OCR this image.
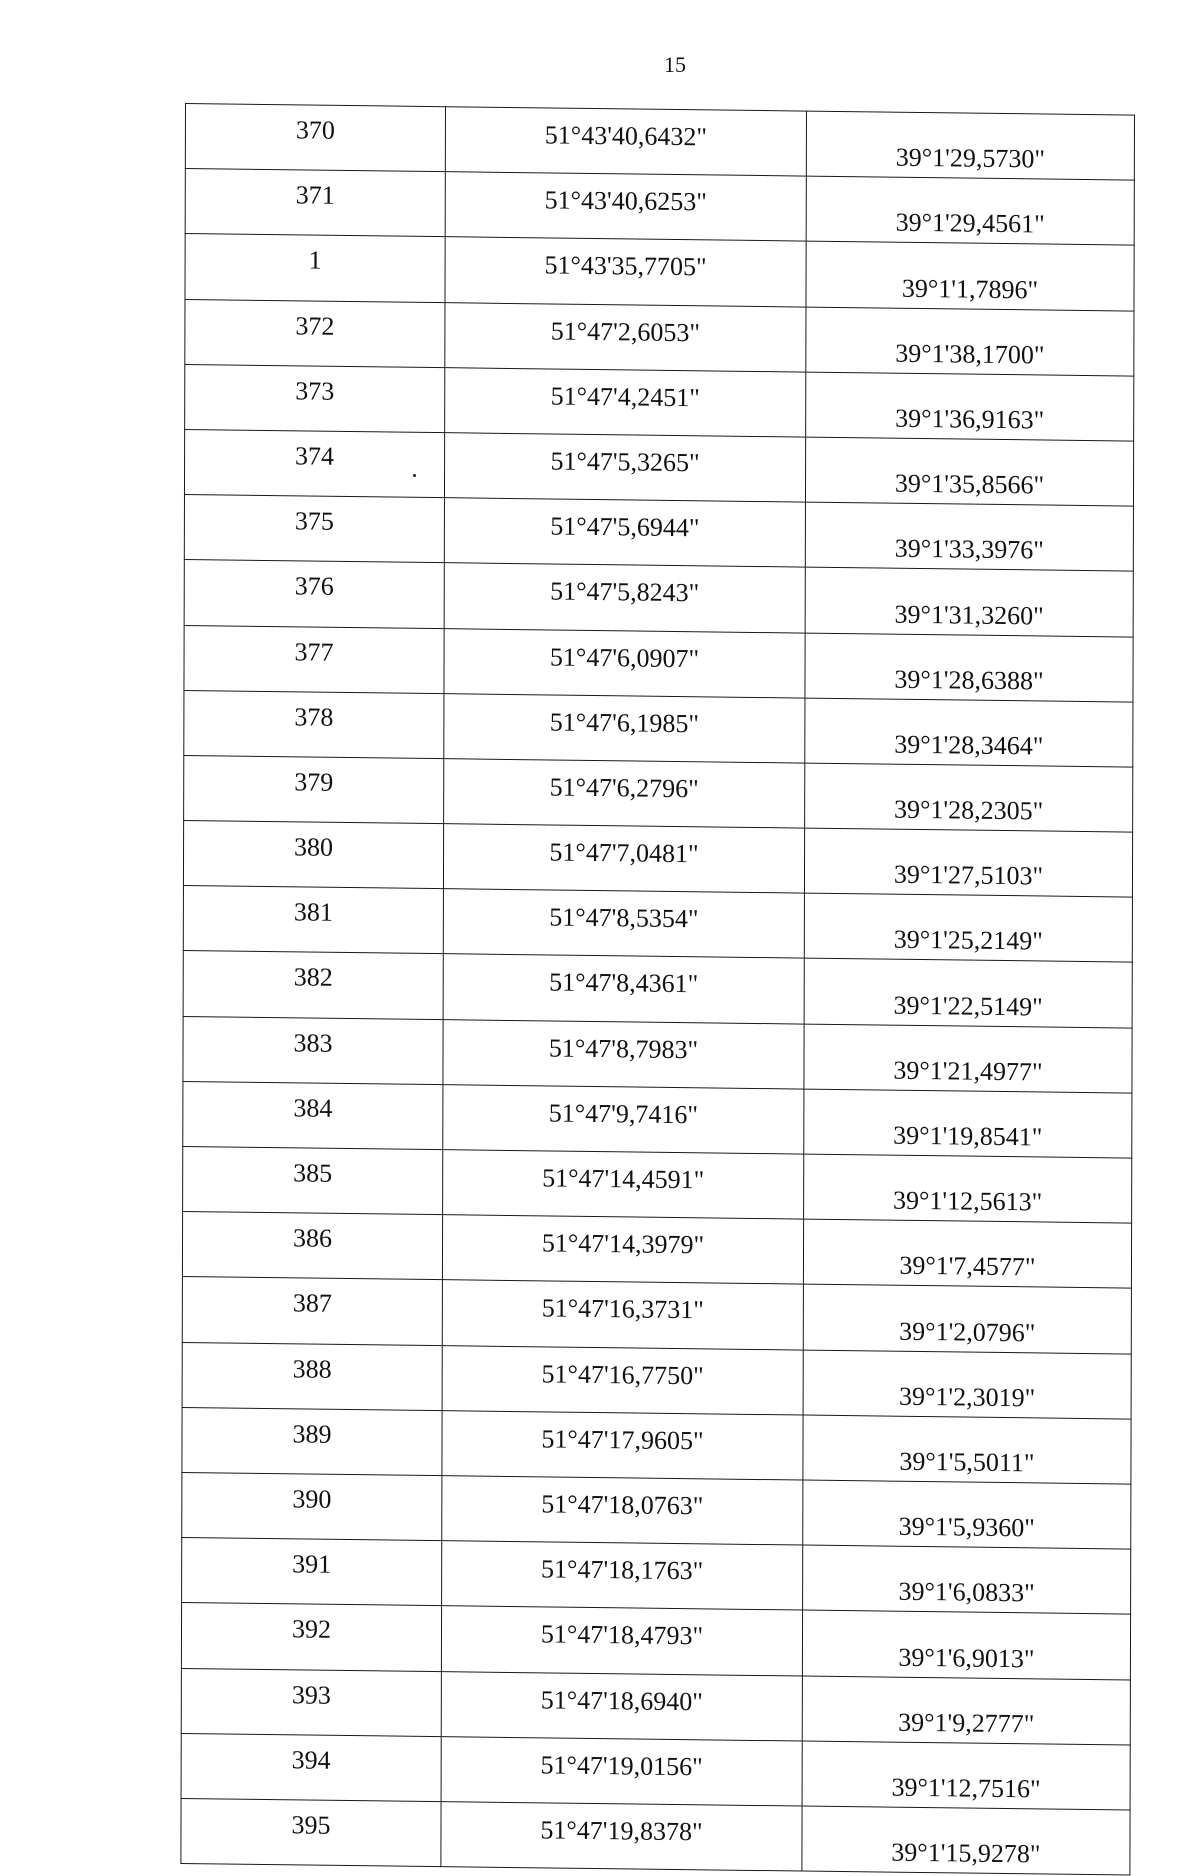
15
370	51°43'40,6432"	39°1'29,5730"
371	51°43'40,6253"	39°1'29,4561"
1	51°43'35,7705"	39°1'1,7896"
372	51°47'2,6053"	39°1'38,1700"
373	51°47'4,2451"	39°1'36,9163"
374	51°47'5,3265"	39°1'35,8566"
375	51°47'5,6944"	39°1'33,3976"
376	51°47'5,8243"	39°1'31,3260"
377	51°47'6,0907"	39°1'28,6388"
378	51°47'6,1985"	39°1'28,3464"
379	51°47'6,2796"	39°1'28,2305"
380	51°47'7,0481"	39°1'27,5103"
381	51°47'8,5354"	39°1'25,2149"
382	51°47'8,4361"	39°1'22,5149"
383	51°47'8,7983"	39°1'21,4977"
384	51°47'9,7416"	39°1'19,8541"
385	51°47'14,4591"	39°1'12,5613"
386	51°47'14,3979"	39°1'7,4577"
387	51°47'16,3731"	39°1'2,0796"
388	51°47'16,7750"	39°1'2,3019"
389	51°47'17,9605"	39°1'5,5011"
390	51°47'18,0763"	39°1'5,9360"
391	51°47'18,1763"	39°1'6,0833"
392	51°47'18,4793"	39°1'6,9013"
393	51°47'18,6940"	39°1'9,2777"
394	51°47'19,0156"	39°1'12,7516"
395	51°47'19,8378"	39°1'15,9278"
